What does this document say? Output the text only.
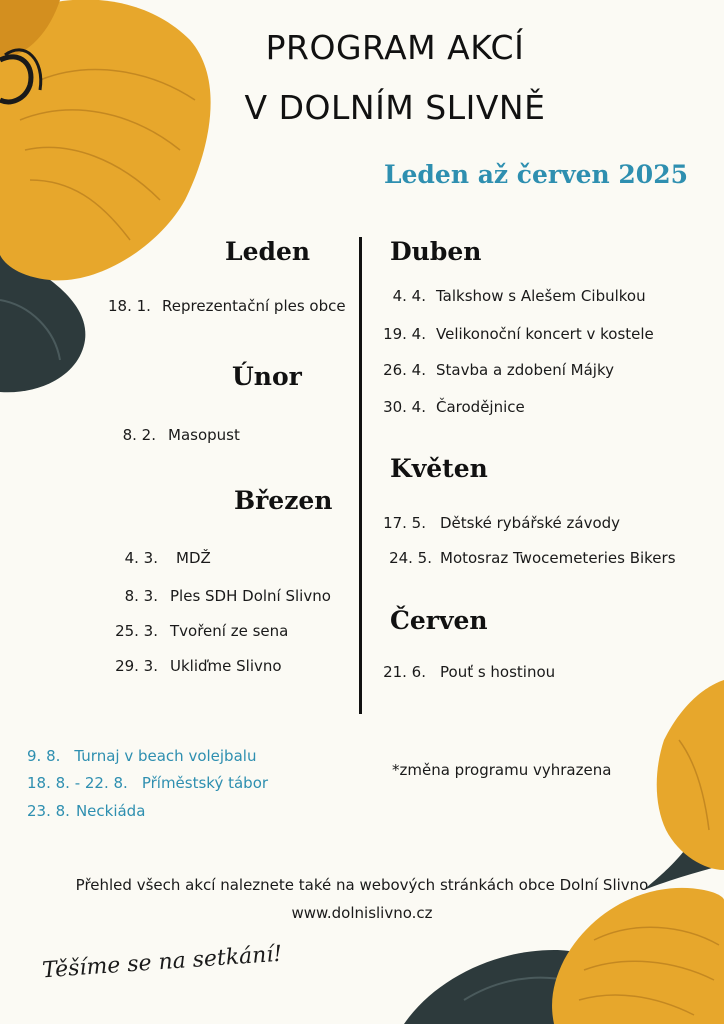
PROGRAM AKCÍ
V DOLNÍM SLIVNĚ
Leden až červen 2025
Leden
18. 1. Reprezentační ples obce
Únor
8. 2. Masopust
Březen
4. 3. MDŽ
8. 3. Ples SDH Dolní Slivno
25. 3. Tvoření ze sena
29. 3. Ukliďme Slivno
Duben
4. 4. Talkshow s Alešem Cibulkou
19. 4. Velikonoční koncert v kostele
26. 4. Stavba a zdobení Májky
30. 4. Čarodějnice
Květen
17. 5. Dětské rybářské závody
24. 5. Motosraz Twocemeteries Bikers
Červen
21. 6. Pouť s hostinou
9. 8. Turnaj v beach volejbalu
18. 8. - 22. 8. Příměstský tábor
23. 8. Neckiáda
*změna programu vyhrazena
Přehled všech akcí naleznete také na webových stránkách obce Dolní Slivno
www.dolnislivno.cz
Těšíme se na setkání!
